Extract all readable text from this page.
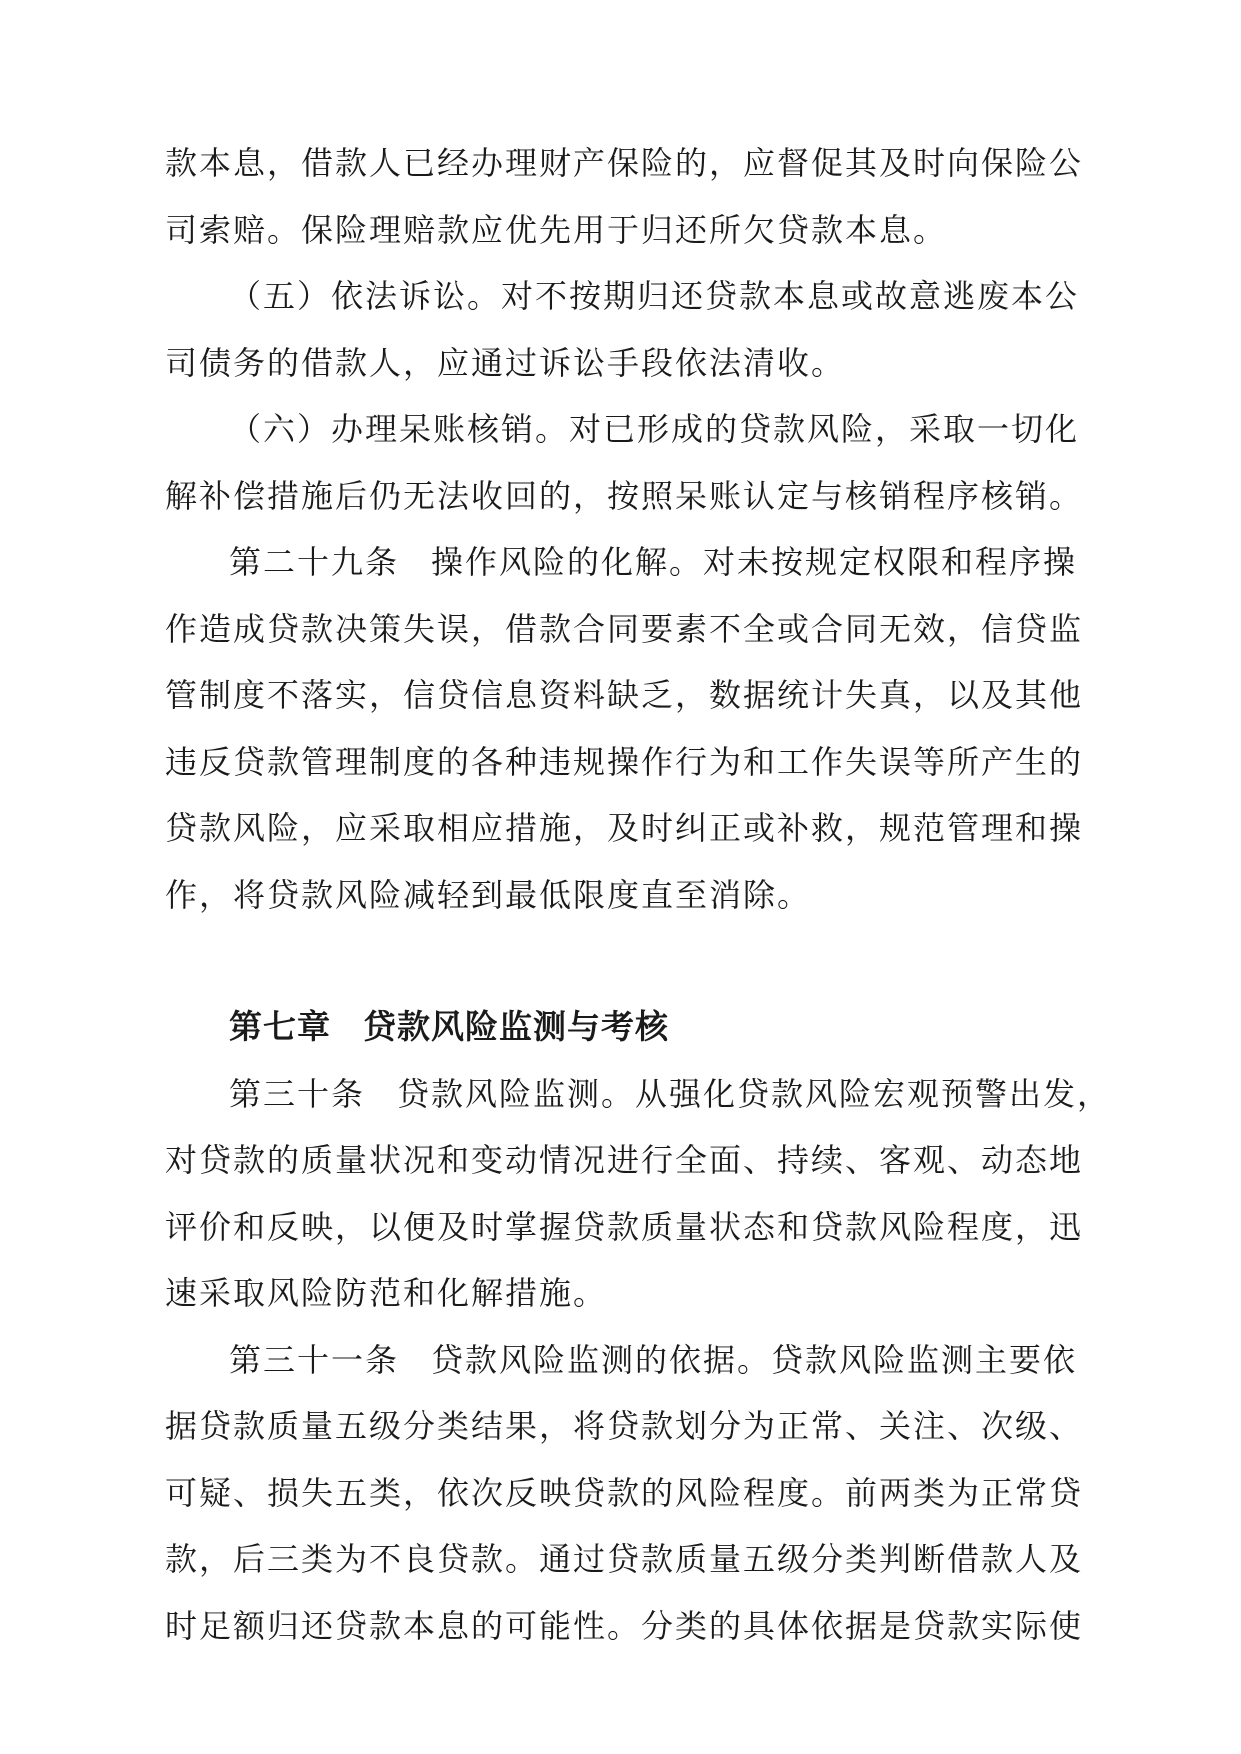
款本息，借款人已经办理财产保险的，应督促其及时向保险公
司索赔。保险理赔款应优先用于归还所欠贷款本息。
（五）依法诉讼。对不按期归还贷款本息或故意逃废本公
司债务的借款人，应通过诉讼手段依法清收。
（六）办理呆账核销。对已形成的贷款风险，采取一切化
解补偿措施后仍无法收回的，按照呆账认定与核销程序核销。
第二十九条 操作风险的化解。对未按规定权限和程序操
作造成贷款决策失误，借款合同要素不全或合同无效，信贷监
管制度不落实，信贷信息资料缺乏，数据统计失真，以及其他
违反贷款管理制度的各种违规操作行为和工作失误等所产生的
贷款风险，应采取相应措施，及时纠正或补救，规范管理和操
作，将贷款风险减轻到最低限度直至消除。
第七章 贷款风险监测与考核
第三十条 贷款风险监测。从强化贷款风险宏观预警出发，
对贷款的质量状况和变动情况进行全面、持续、客观、动态地
评价和反映，以便及时掌握贷款质量状态和贷款风险程度，迅
速采取风险防范和化解措施。
第三十一条 贷款风险监测的依据。贷款风险监测主要依
据贷款质量五级分类结果，将贷款划分为正常、关注、次级、
可疑、损失五类，依次反映贷款的风险程度。前两类为正常贷
款，后三类为不良贷款。通过贷款质量五级分类判断借款人及
时足额归还贷款本息的可能性。分类的具体依据是贷款实际使
